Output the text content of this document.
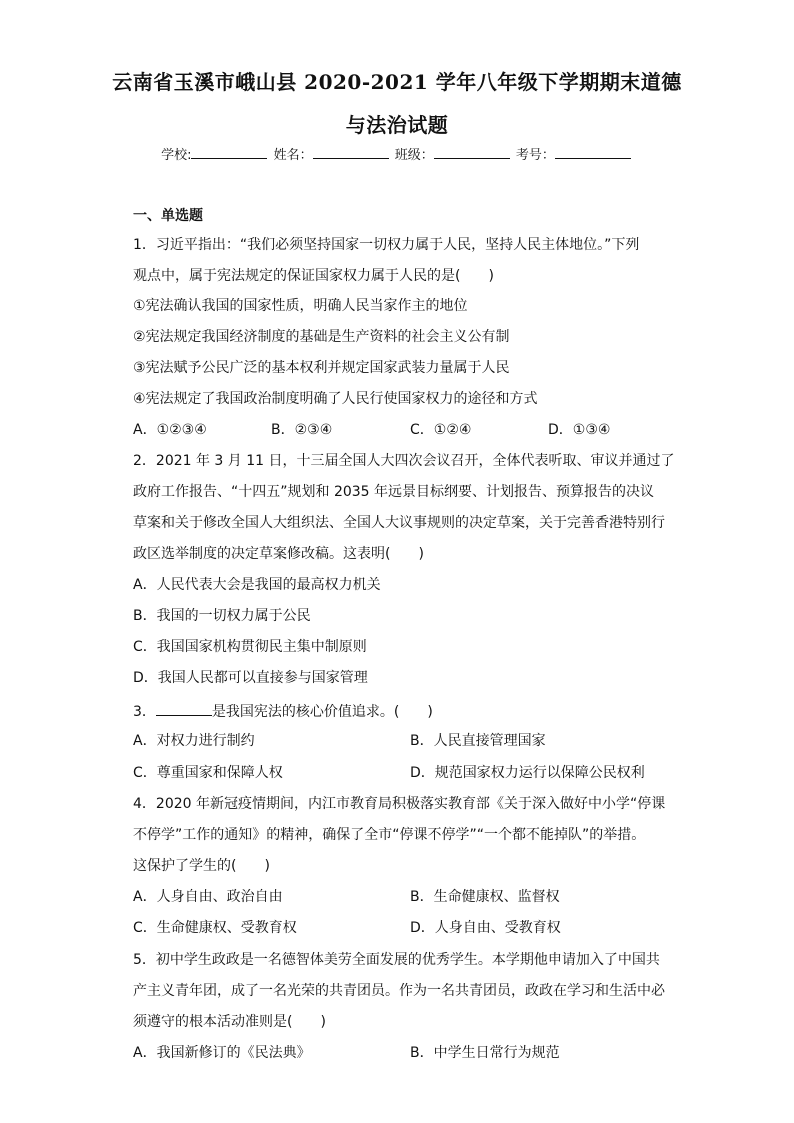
云南省玉溪市峨山县 2020-2021 学年八年级下学期期末道德
与法治试题
学校:	姓名：	班级：	考号：
一、单选题
1．习近平指出：“我们必须坚持国家一切权力属于人民，坚持人民主体地位。”下列
观点中，属于宪法规定的保证国家权力属于人民的是(　　)
①宪法确认我国的国家性质，明确人民当家作主的地位
②宪法规定我国经济制度的基础是生产资料的社会主义公有制
③宪法赋予公民广泛的基本权利并规定国家武装力量属于人民
④宪法规定了我国政治制度明确了人民行使国家权力的途径和方式
A．①②③④	B．②③④	C．①②④	D．①③④
2．2021 年 3 月 11 日，十三届全国人大四次会议召开，全体代表听取、审议并通过了
政府工作报告、“十四五”规划和 2035 年远景目标纲要、计划报告、预算报告的决议
草案和关于修改全国人大组织法、全国人大议事规则的决定草案，关于完善香港特别行
政区选举制度的决定草案修改稿。这表明(　　)
A．人民代表大会是我国的最高权力机关
B．我国的一切权力属于公民
C．我国国家机构贯彻民主集中制原则
D．我国人民都可以直接参与国家管理
3．	是我国宪法的核心价值追求。(　　)
A．对权力进行制约	B．人民直接管理国家
C．尊重国家和保障人权	D．规范国家权力运行以保障公民权利
4．2020 年新冠疫情期间，内江市教育局积极落实教育部《关于深入做好中小学“停课
不停学”工作的通知》的精神，确保了全市“停课不停学”“一个都不能掉队”的举措。
这保护了学生的(　　)
A．人身自由、政治自由	B．生命健康权、监督权
C．生命健康权、受教育权	D．人身自由、受教育权
5．初中学生政政是一名德智体美劳全面发展的优秀学生。本学期他申请加入了中国共
产主义青年团，成了一名光荣的共青团员。作为一名共青团员，政政在学习和生活中必
须遵守的根本活动准则是(　　)
A．我国新修订的《民法典》	B．中学生日常行为规范
